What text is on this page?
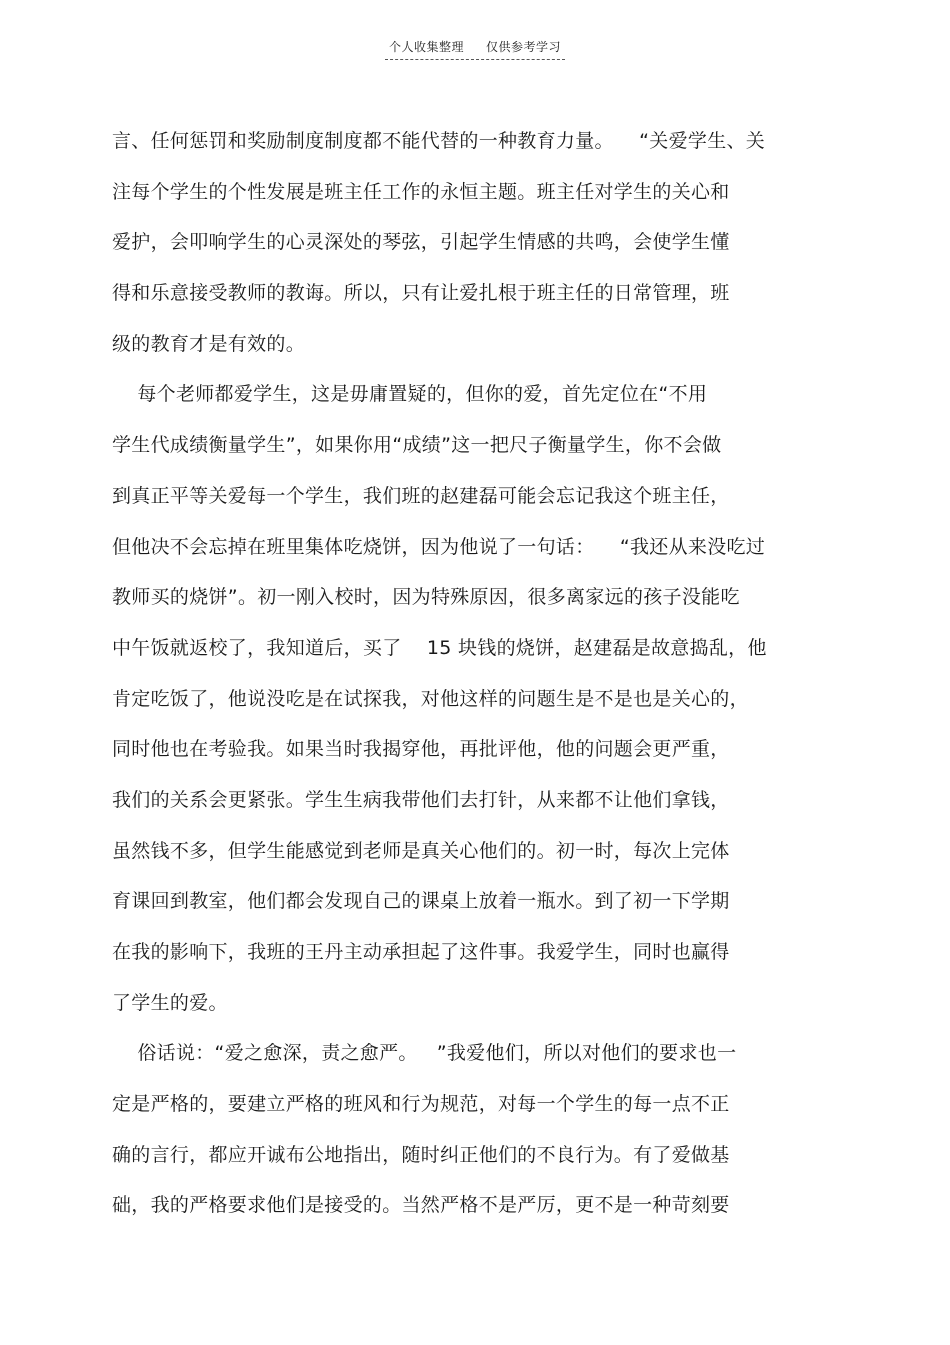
个人收集整理 仅供参考学习
言、任何惩罚和奖励制度制度都不能代替的一种教育力量。    “关爱学生、关
注每个学生的个性发展是班主任工作的永恒主题。班主任对学生的关心和
爱护，会叩响学生的心灵深处的琴弦，引起学生情感的共鸣，会使学生懂
得和乐意接受教师的教诲。所以，只有让爱扎根于班主任的日常管理，班
级的教育才是有效的。
每个老师都爱学生，这是毋庸置疑的，但你的爱，首先定位在“不用
学生代成绩衡量学生”，如果你用“成绩”这一把尺子衡量学生，你不会做
到真正平等关爱每一个学生，我们班的赵建磊可能会忘记我这个班主任，
但他决不会忘掉在班里集体吃烧饼，因为他说了一句话：    “我还从来没吃过
教师买的烧饼”。初一刚入校时，因为特殊原因，很多离家远的孩子没能吃
中午饭就返校了，我知道后，买了    15 块钱的烧饼，赵建磊是故意捣乱，他
肯定吃饭了，他说没吃是在试探我，对他这样的问题生是不是也是关心的，
同时他也在考验我。如果当时我揭穿他，再批评他，他的问题会更严重，
我们的关系会更紧张。学生生病我带他们去打针，从来都不让他们拿钱，
虽然钱不多，但学生能感觉到老师是真关心他们的。初一时，每次上完体
育课回到教室，他们都会发现自己的课桌上放着一瓶水。到了初一下学期
在我的影响下，我班的王丹主动承担起了这件事。我爱学生，同时也赢得
了学生的爱。
俗话说：“爱之愈深，责之愈严。   ”我爱他们，所以对他们的要求也一
定是严格的，要建立严格的班风和行为规范，对每一个学生的每一点不正
确的言行，都应开诚布公地指出，随时纠正他们的不良行为。有了爱做基
础，我的严格要求他们是接受的。当然严格不是严厉，更不是一种苛刻要
